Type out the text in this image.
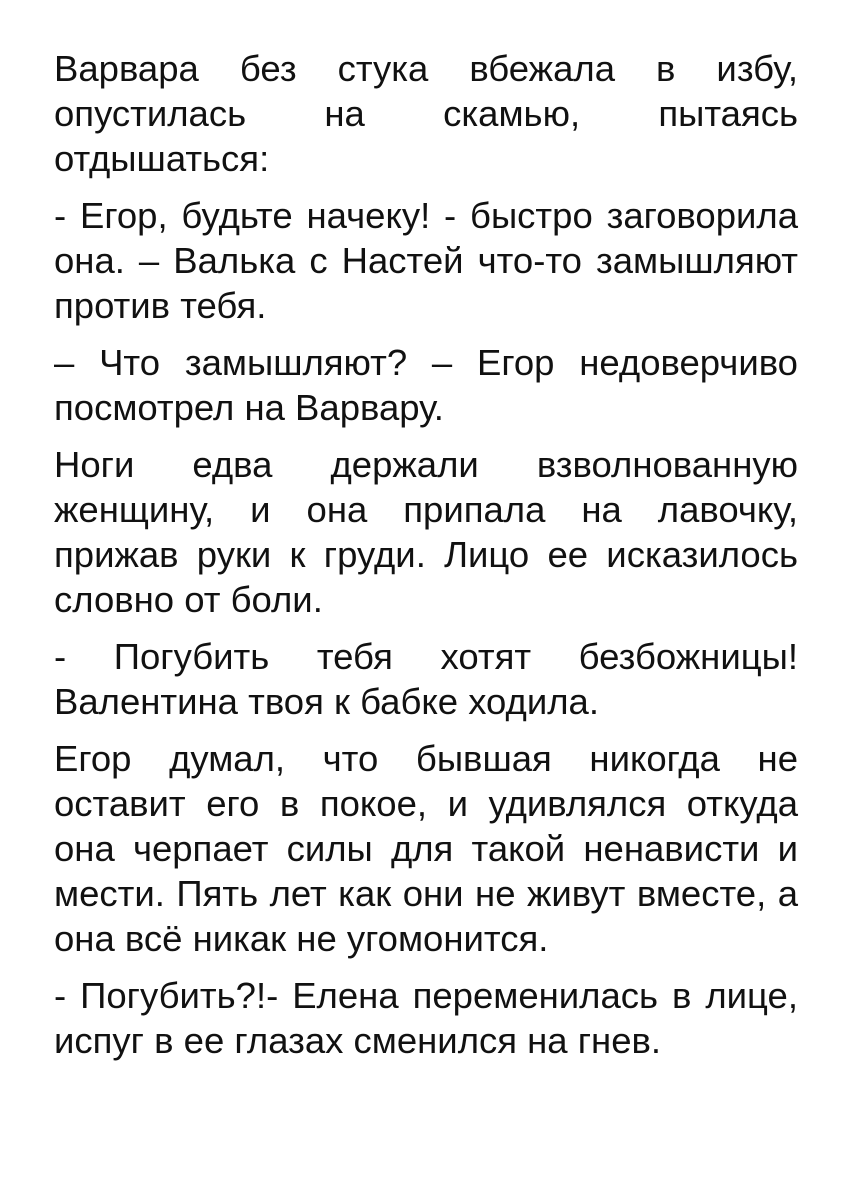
Варвара без стука вбежала в избу, опустилась на скамью, пытаясь отдышаться:

- Егор, будьте начеку! - быстро заговорила она. – Валька с Настей что-то замышляют против тебя.

– Что замышляют? – Егор недоверчиво посмотрел на Варвару.

Ноги едва держали взволнованную женщину, и она припала на лавочку, прижав руки к груди. Лицо ее исказилось словно от боли.

- Погубить тебя хотят безбожницы! Валентина твоя к бабке ходила.

Егор думал, что бывшая никогда не оставит его в покое, и удивлялся откуда она черпает силы для такой ненависти и мести. Пять лет как они не живут вместе, а она всё никак не угомонится.

- Погубить?!- Елена переменилась в лице, испуг в ее глазах сменился на гнев.
